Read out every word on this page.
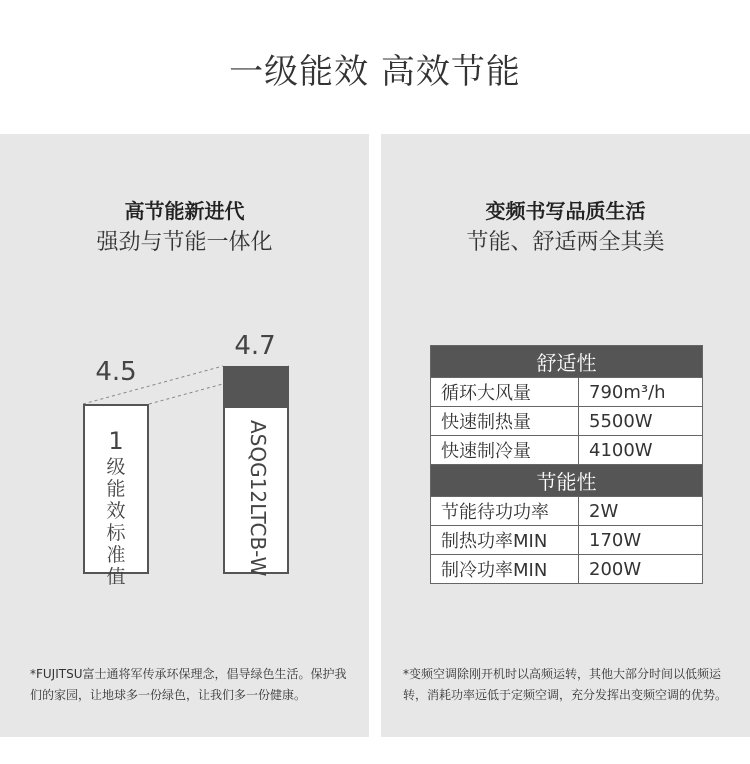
一级能效 高效节能
高节能新进代
强劲与节能一体化
4.5
1
级
能
效
标
准
值
4.7
ASQG12LTCB-W
*FUJITSU富士通将军传承环保理念，倡导绿色生活。保护我们的家园，让地球多一份绿色，让我们多一份健康。
变频书写品质生活
节能、舒适两全其美
舒适性	
循环大风量	790m³/h
快速制热量	5500W
快速制冷量	4100W
节能性	
节能待功功率	2W
制热功率MIN	170W
制冷功率MIN	200W
*变频空调除刚开机时以高频运转，其他大部分时间以低频运转，消耗功率远低于定频空调，充分发挥出变频空调的优势。
